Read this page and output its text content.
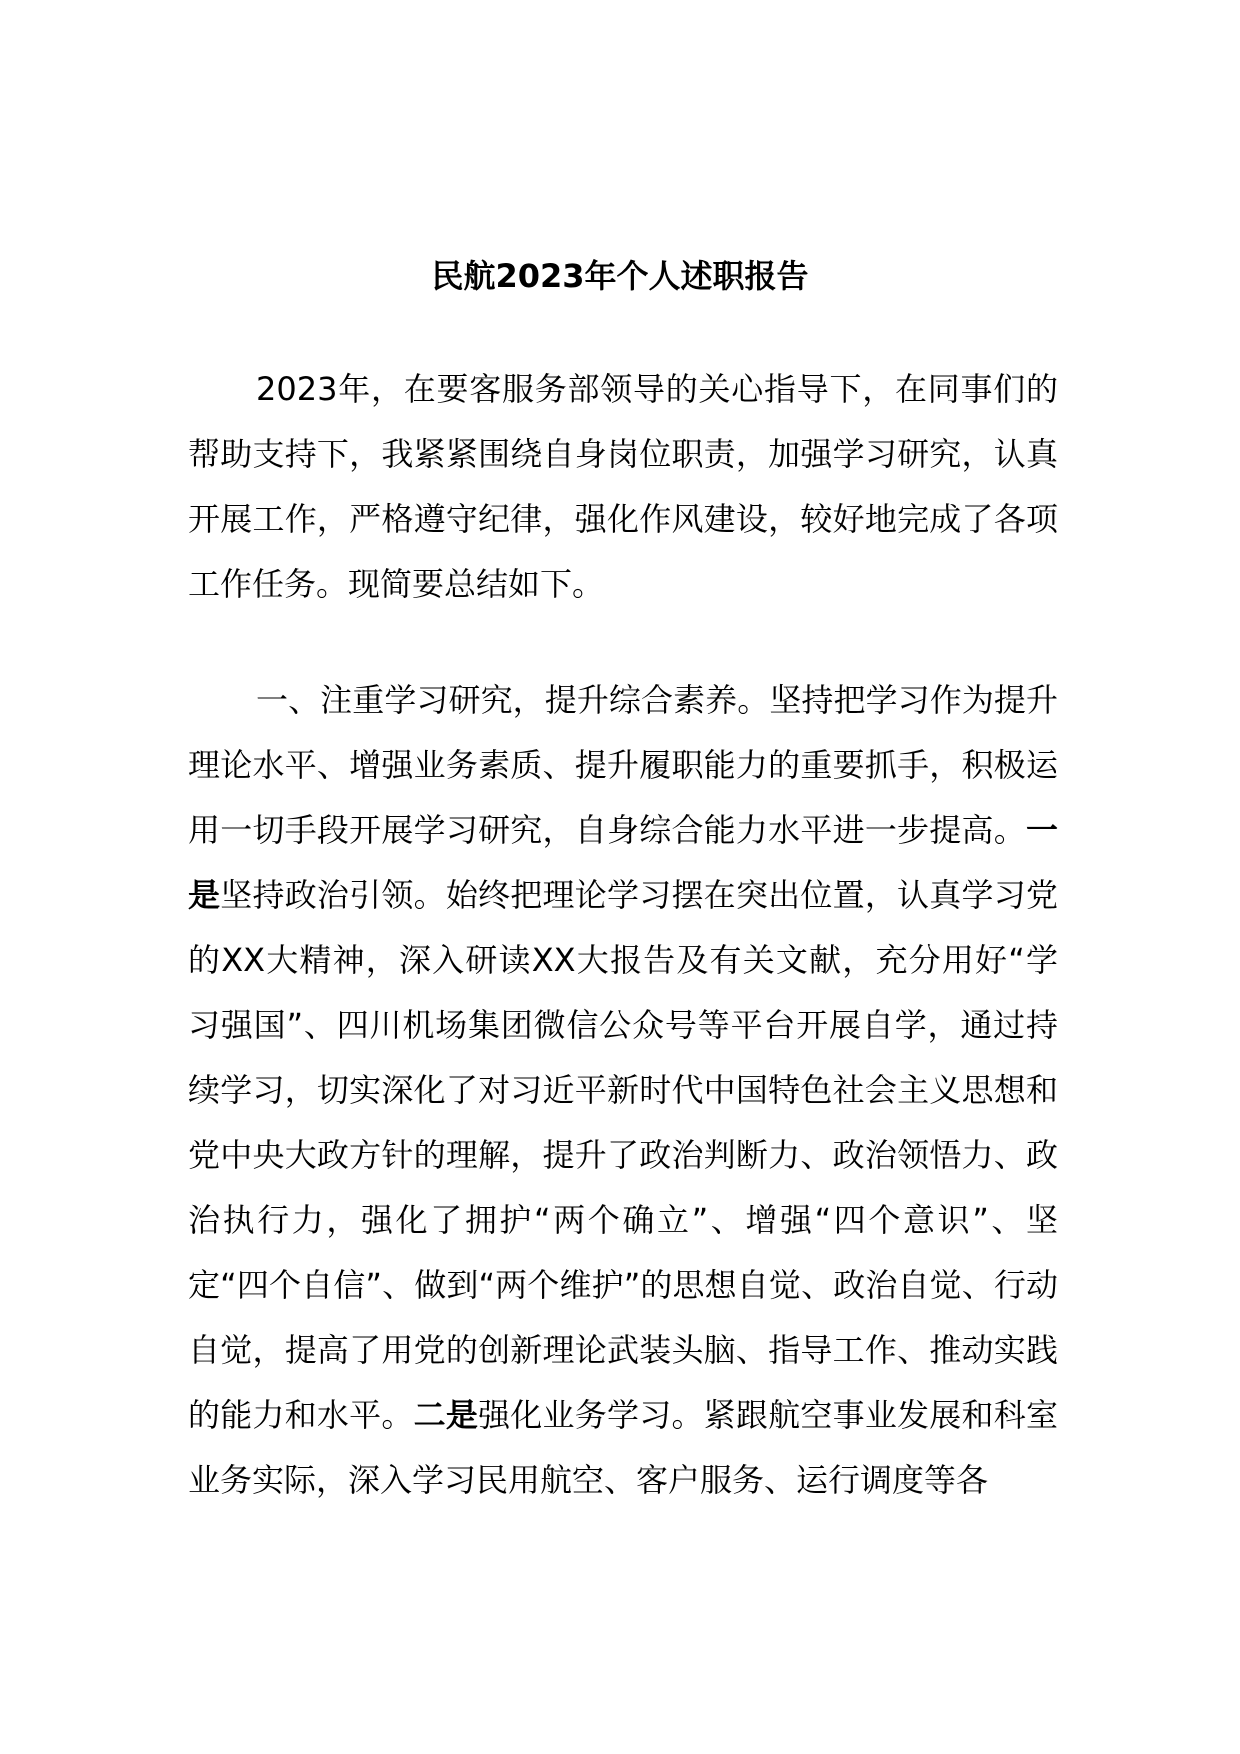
民航2023年个人述职报告

2023年，在要客服务部领导的关心指导下，在同事们的帮助支持下，我紧紧围绕自身岗位职责，加强学习研究，认真开展工作，严格遵守纪律，强化作风建设，较好地完成了各项工作任务。现简要总结如下。

一、注重学习研究，提升综合素养。坚持把学习作为提升理论水平、增强业务素质、提升履职能力的重要抓手，积极运用一切手段开展学习研究，自身综合能力水平进一步提高。一是坚持政治引领。始终把理论学习摆在突出位置，认真学习党的XX大精神，深入研读XX大报告及有关文献，充分用好“学习强国”、四川机场集团微信公众号等平台开展自学，通过持续学习，切实深化了对习近平新时代中国特色社会主义思想和党中央大政方针的理解，提升了政治判断力、政治领悟力、政治执行力，强化了拥护“两个确立”、增强“四个意识”、坚定“四个自信”、做到“两个维护”的思想自觉、政治自觉、行动自觉，提高了用党的创新理论武装头脑、指导工作、推动实践的能力和水平。二是强化业务学习。紧跟航空事业发展和科室业务实际，深入学习民用航空、客户服务、运行调度等各
